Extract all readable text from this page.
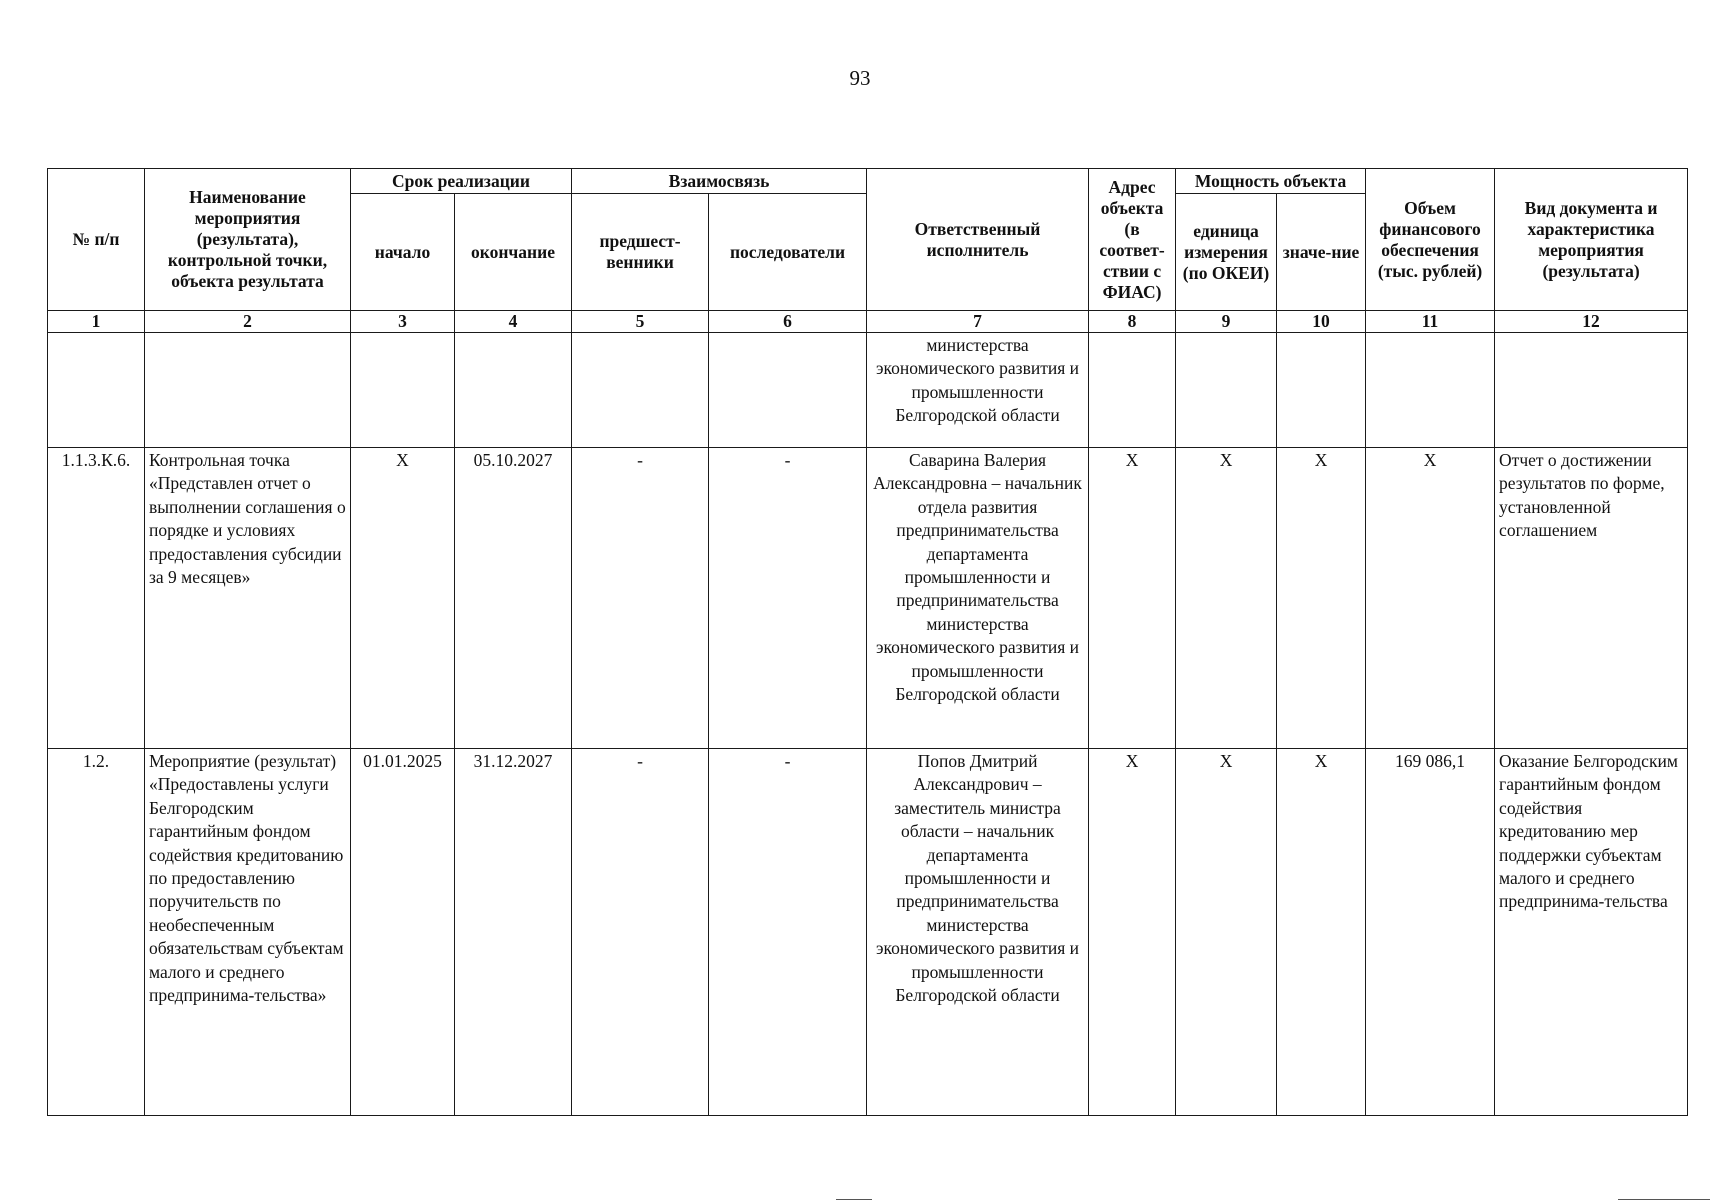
93
№ п/п	Наименование мероприятия (результата), контрольной точки, объекта результата	Срок реализации		Взаимосвязь		Ответственный исполнитель	Адрес объекта (в соответ-ствии с ФИАС)	Мощность объекта		Объем финансового обеспечения (тыс. рублей)	Вид документа и характеристика мероприятия (результата)
		начало	окончание	предшест-венники	последователи			единица измерения (по ОКЕИ)	значе-ние		
1	2	3	4	5	6	7	8	9	10	11	12
						министерства экономического развития и промышленности Белгородской области					
1.1.3.К.6.	Контрольная точка «Представлен отчет о выполнении соглашения о порядке и условиях предоставления субсидии за 9 месяцев»	X	05.10.2027	-	-	Саварина Валерия Александровна – начальник отдела развития предпринимательства департамента промышленности и предпринимательства министерства экономического развития и промышленности Белгородской области	X	X	X	X	Отчет о достижении результатов по форме, установленной соглашением
1.2.	Мероприятие (результат) «Предоставлены услуги Белгородским гарантийным фондом содействия кредитованию по предоставлению поручительств по необеспеченным обязательствам субъектам малого и среднего предпринима-тельства»	01.01.2025	31.12.2027	-	-	Попов Дмитрий Александрович – заместитель министра области – начальник департамента промышленности и предпринимательства министерства экономического развития и промышленности Белгородской области	X	X	X	169 086,1	Оказание Белгородским гарантийным фондом содействия кредитованию мер поддержки субъектам малого и среднего предпринима-тельства
